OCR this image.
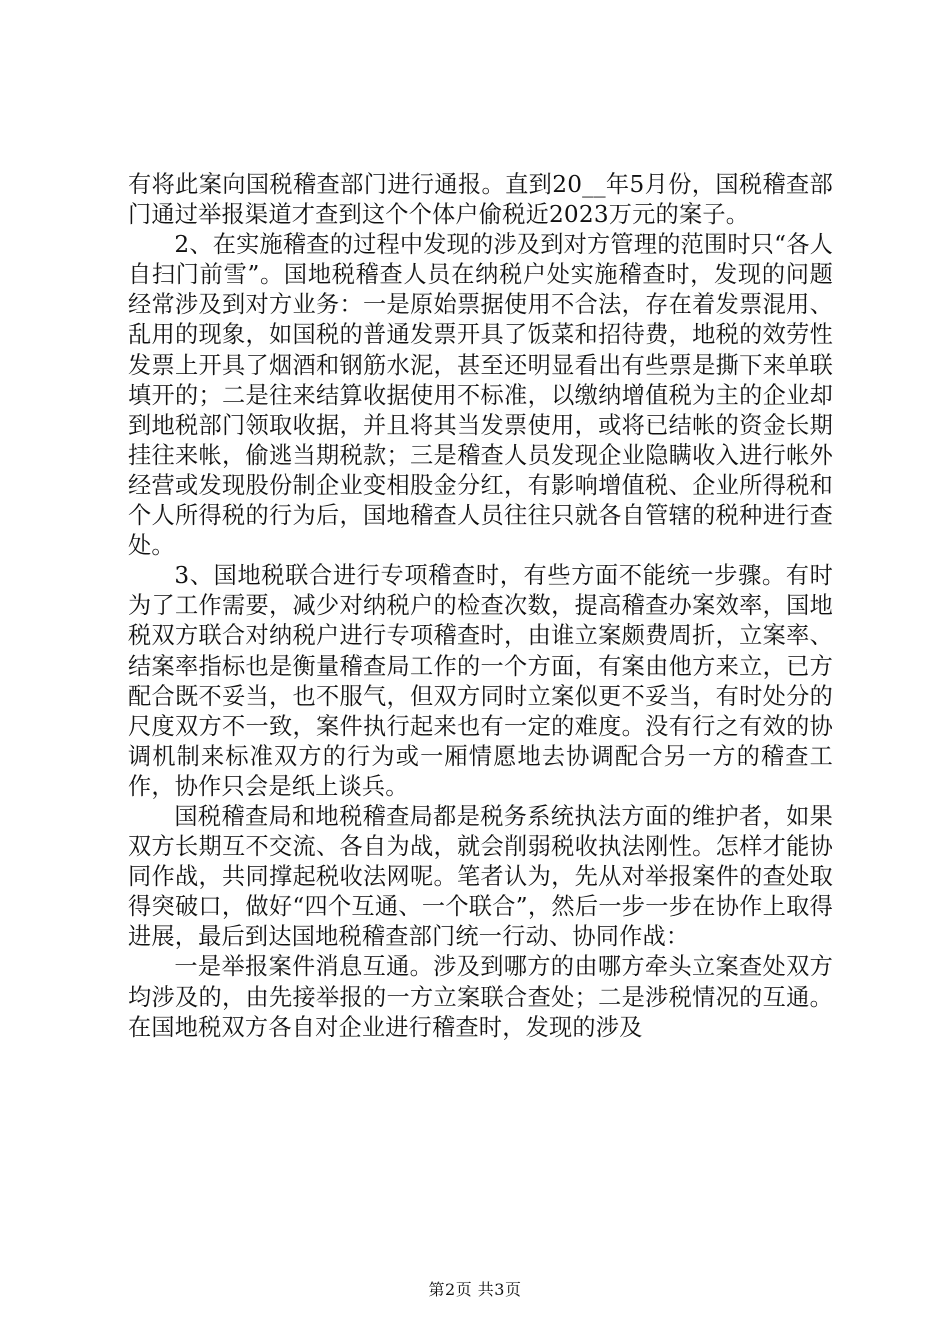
有将此案向国税稽查部门进行通报。直到20__年5月份，国税稽查部门通过举报渠道才查到这个个体户偷税近2023万元的案子。

2、在实施稽查的过程中发现的涉及到对方管理的范围时只“各人自扫门前雪”。国地税稽查人员在纳税户处实施稽查时，发现的问题经常涉及到对方业务：一是原始票据使用不合法，存在着发票混用、乱用的现象，如国税的普通发票开具了饭菜和招待费，地税的效劳性发票上开具了烟酒和钢筋水泥，甚至还明显看出有些票是撕下来单联填开的；二是往来结算收据使用不标准，以缴纳增值税为主的企业却到地税部门领取收据，并且将其当发票使用，或将已结帐的资金长期挂往来帐，偷逃当期税款；三是稽查人员发现企业隐瞒收入进行帐外经营或发现股份制企业变相股金分红，有影响增值税、企业所得税和个人所得税的行为后，国地稽查人员往往只就各自管辖的税种进行查处。

3、国地税联合进行专项稽查时，有些方面不能统一步骤。有时为了工作需要，减少对纳税户的检查次数，提高稽查办案效率，国地税双方联合对纳税户进行专项稽查时，由谁立案颇费周折，立案率、结案率指标也是衡量稽查局工作的一个方面，有案由他方来立，已方配合既不妥当，也不服气，但双方同时立案似更不妥当，有时处分的尺度双方不一致，案件执行起来也有一定的难度。没有行之有效的协调机制来标准双方的行为或一厢情愿地去协调配合另一方的稽查工作，协作只会是纸上谈兵。

国税稽查局和地税稽查局都是税务系统执法方面的维护者，如果双方长期互不交流、各自为战，就会削弱税收执法刚性。怎样才能协同作战，共同撑起税收法网呢。笔者认为，先从对举报案件的查处取得突破口，做好“四个互通、一个联合”，然后一步一步在协作上取得进展，最后到达国地税稽查部门统一行动、协同作战：

一是举报案件消息互通。涉及到哪方的由哪方牵头立案查处双方均涉及的，由先接举报的一方立案联合查处；二是涉税情况的互通。在国地税双方各自对企业进行稽查时，发现的涉及

第2页 共3页
